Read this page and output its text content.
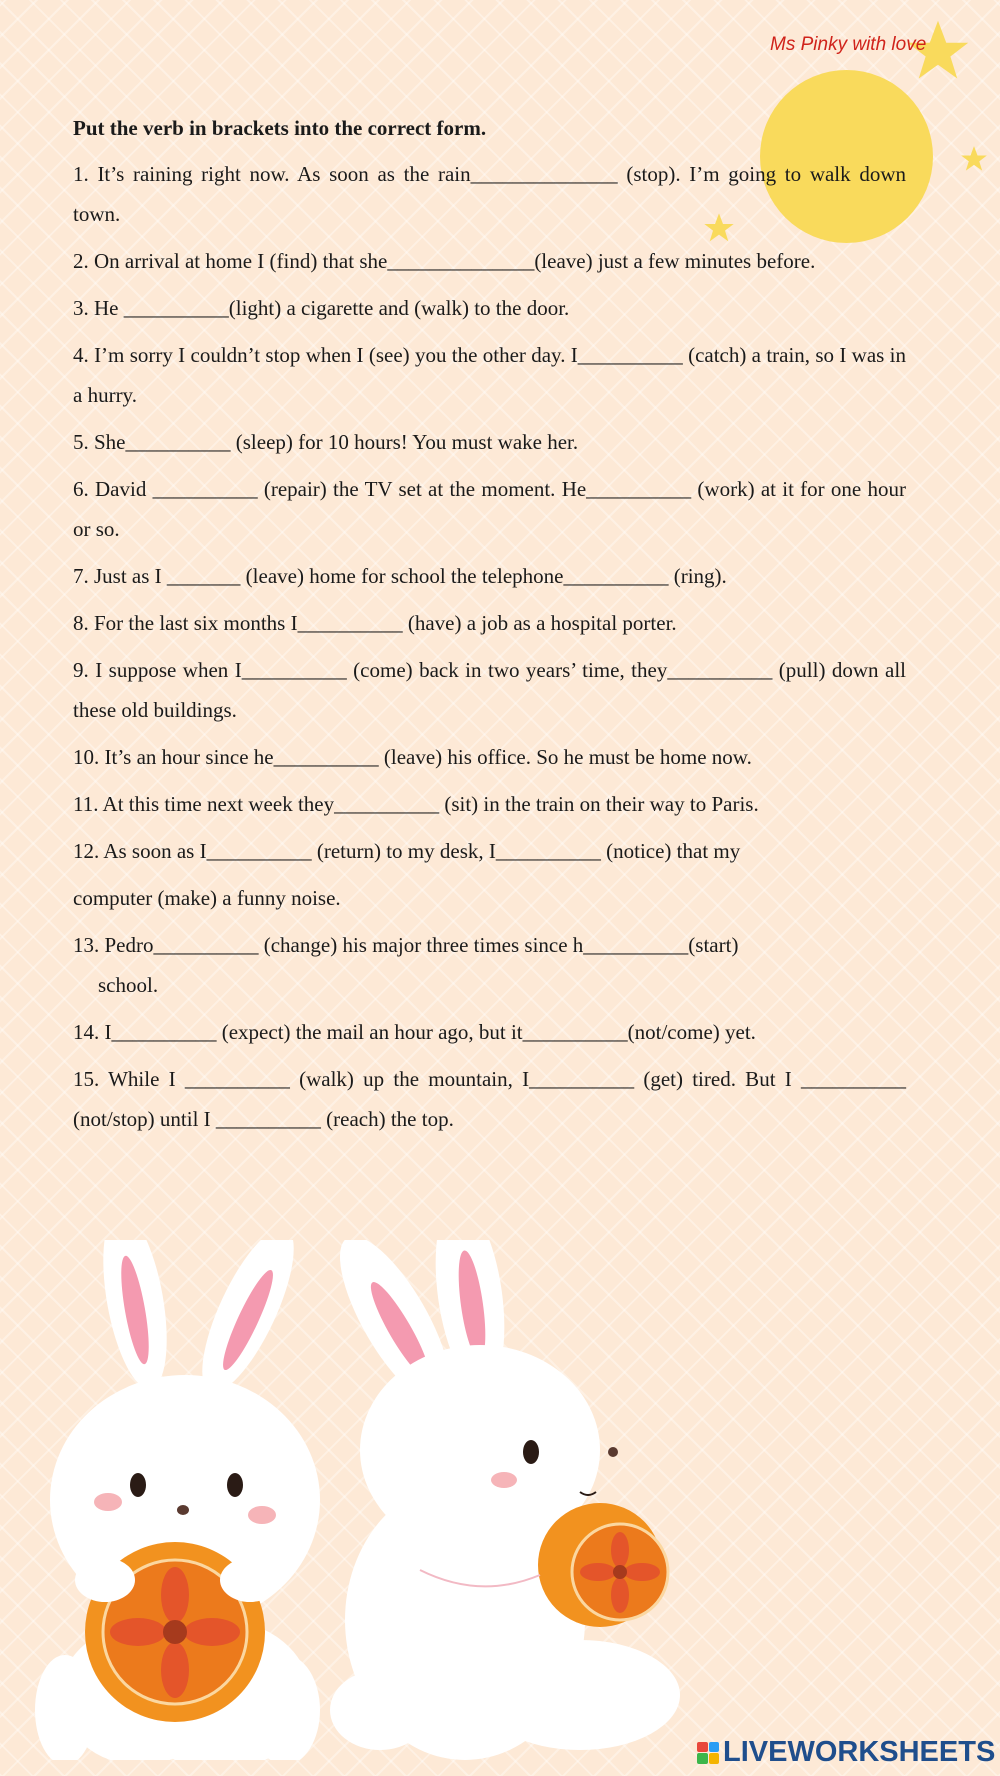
Ms Pinky with love

Put the verb in brackets into the correct form.

1. It’s raining right now. As soon as the rain______________ (stop). I’m going to walk down town.

2. On arrival at home I (find) that she______________(leave) just a few minutes before.

3. He __________(light) a cigarette and (walk) to the door.

4. I’m sorry I couldn’t stop when I (see) you the other day. I__________ (catch) a train, so I was in a hurry.

5. She__________ (sleep) for 10 hours! You must wake her.

6. David __________ (repair) the TV set at the moment. He__________ (work) at it for one hour or so.

7. Just as I _______ (leave) home for school the telephone__________ (ring).

8. For the last six months I__________ (have) a job as a hospital porter.

9. I suppose when I__________ (come) back in two years’ time, they__________ (pull) down all these old buildings.

10. It’s an hour since he__________ (leave) his office. So he must be home now.

11. At this time next week they__________ (sit) in the train on their way to Paris.

12. As soon as I__________ (return) to my desk, I__________ (notice) that my

computer (make) a funny noise.

13. Pedro__________ (change) his major three times since h__________(start)

school.

14. I__________ (expect) the mail an hour ago, but it__________(not/come) yet.

15. While I __________ (walk) up the mountain, I__________ (get) tired. But I __________ (not/stop) until I __________ (reach) the top.

LIVEWORKSHEETS
